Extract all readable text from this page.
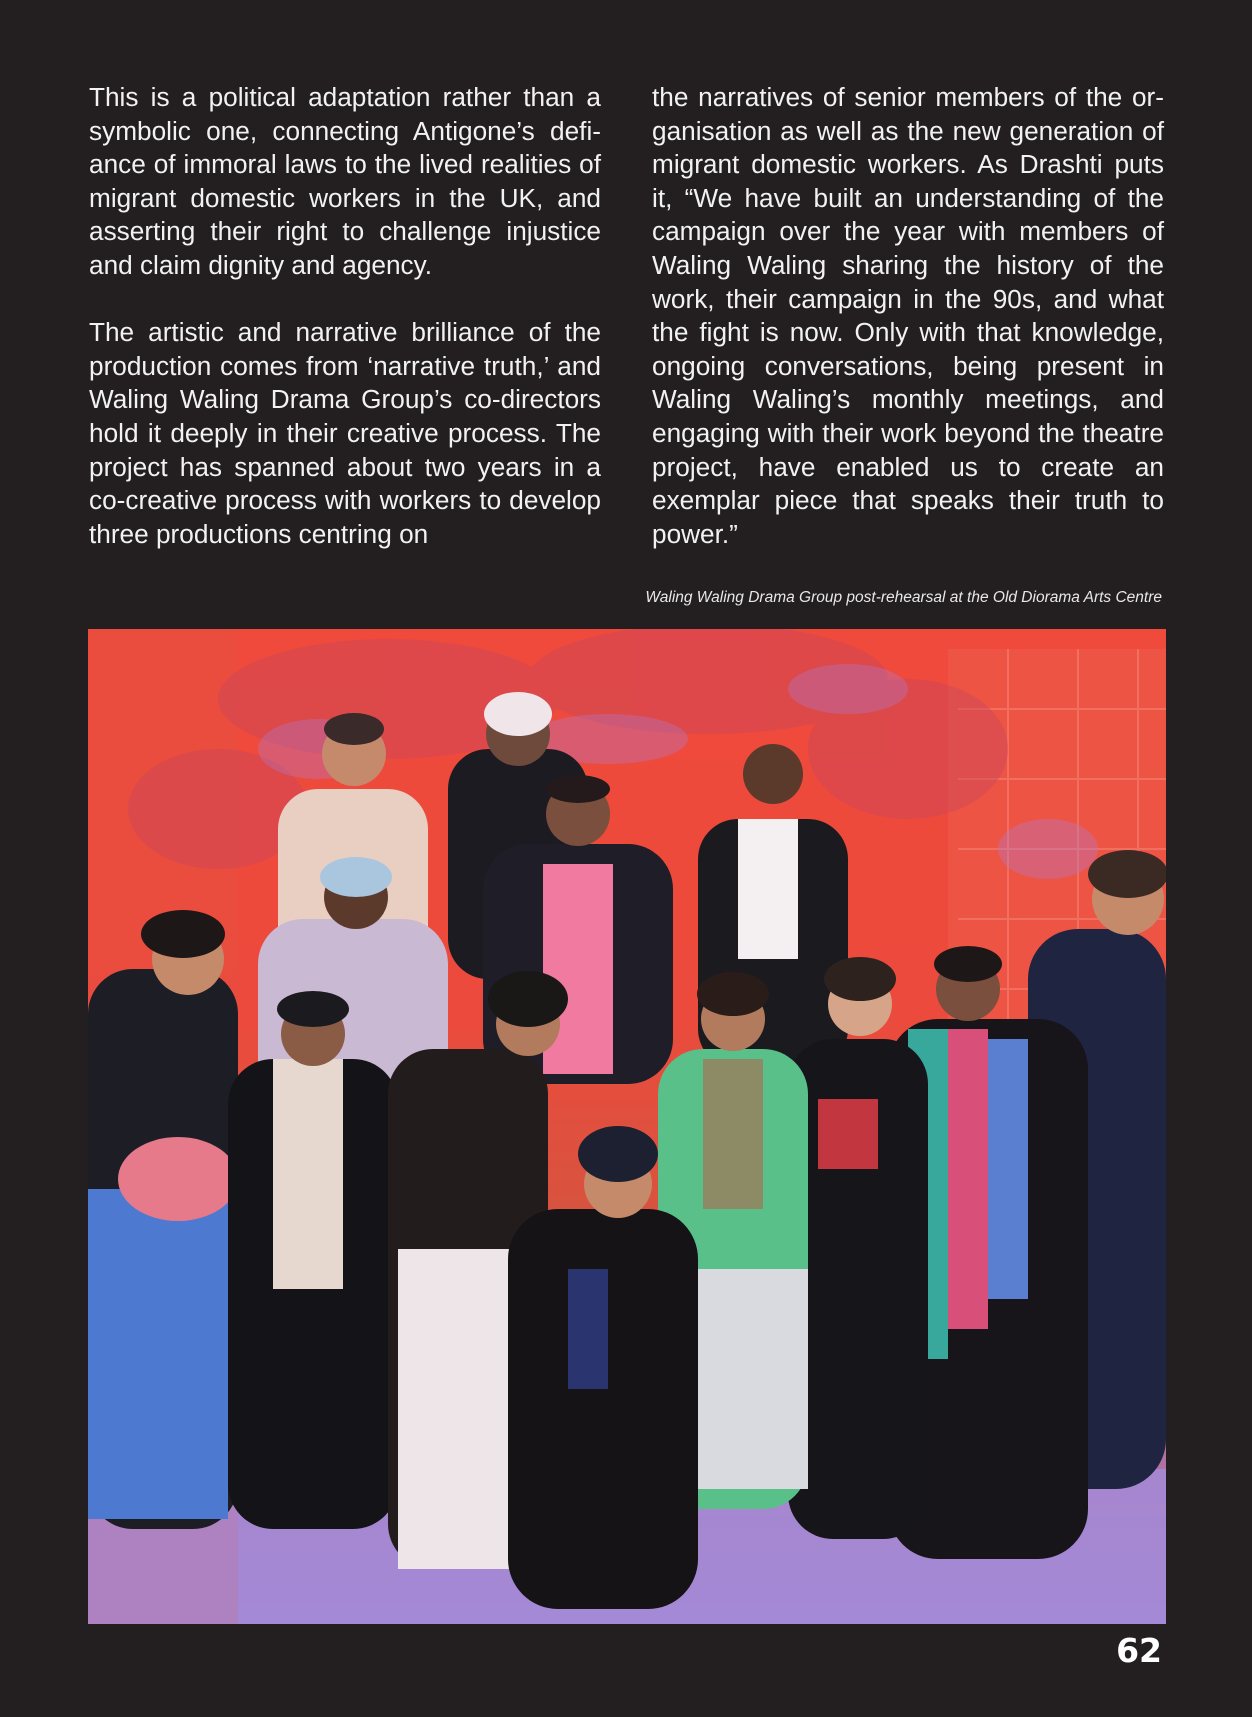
This is a political adaptation rather than a symbolic one, connecting Antigone’s defiance of immoral laws to the lived realities of migrant domestic workers in the UK, and asserting their right to challenge injustice and claim dignity and agency.

The artistic and narrative brilliance of the production comes from ‘narrative truth,’ and Waling Waling Drama Group’s co-directors hold it deeply in their creative process. The project has spanned about two years in a co-creative process with workers to develop three productions centring on

the narratives of senior members of the organisation as well as the new generation of migrant domestic workers. As Drashti puts it, “We have built an understanding of the campaign over the year with members of Waling Waling sharing the history of the work, their campaign in the 90s, and what the fight is now. Only with that knowledge, ongoing conversations, being present in Waling Waling’s monthly meetings, and engaging with their work beyond the theatre project, have enabled us to create an exemplar piece that speaks their truth to power.”

Waling Waling Drama Group post-rehearsal at the Old Diorama Arts Centre
62
